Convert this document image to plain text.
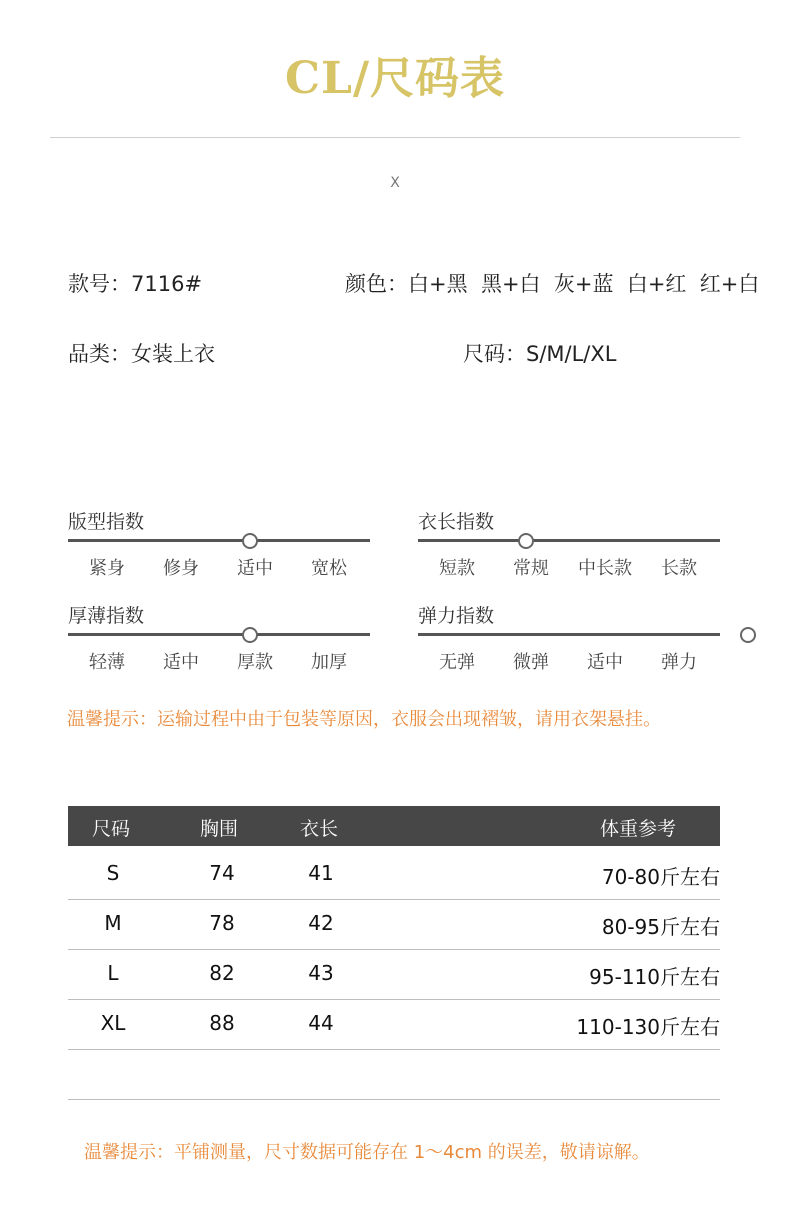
CL/尺码表
X
款号：7116#	颜色：白+黑  黑+白  灰+蓝  白+红  红+白
品类：女装上衣	尺码：S/M/L/XL
版型指数
紧身	修身	适中	宽松
衣长指数
短款	常规	中长款	长款
厚薄指数
轻薄	适中	厚款	加厚
弹力指数
无弹	微弹	适中	弹力
温馨提示：运输过程中由于包装等原因，衣服会出现褶皱，请用衣架悬挂。
尺码	胸围	衣长	体重参考
S	74	41	70-80斤左右
M	78	42	80-95斤左右
L	82	43	95-110斤左右
XL	88	44	110-130斤左右
温馨提示：平铺测量，尺寸数据可能存在 1～4cm 的误差，敬请谅解。
